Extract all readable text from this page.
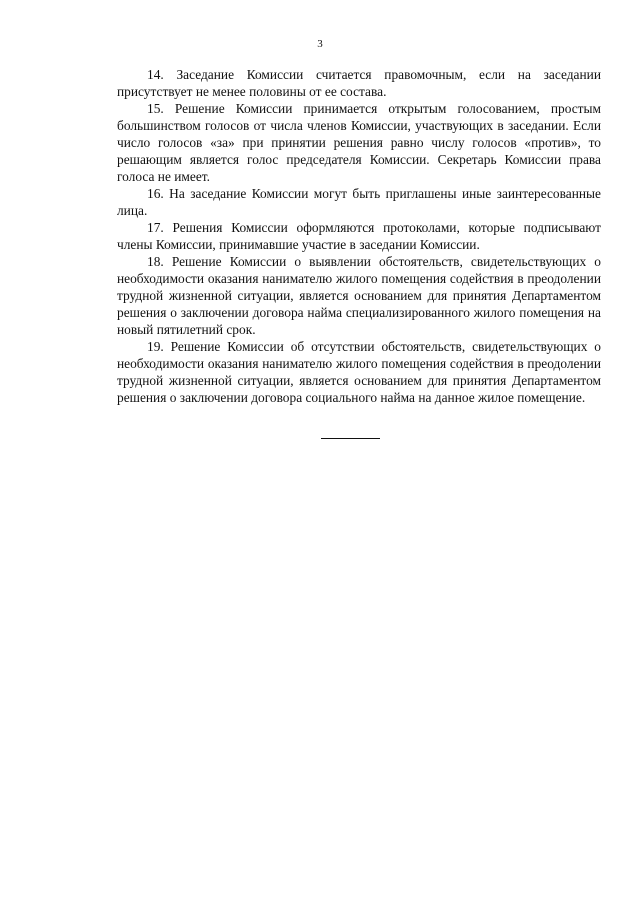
3

14. Заседание Комиссии считается правомочным, если на заседании присутствует не менее половины от ее состава.

15. Решение Комиссии принимается открытым голосованием, простым большинством голосов от числа членов Комиссии, участвующих в заседании. Если число голосов «за» при принятии решения равно числу голосов «против», то решающим является голос председателя Комиссии. Секретарь Комиссии права голоса не имеет.

16. На заседание Комиссии могут быть приглашены иные заинтересованные лица.

17. Решения Комиссии оформляются протоколами, которые подписывают члены Комиссии, принимавшие участие в заседании Комиссии.

18. Решение Комиссии о выявлении обстоятельств, свидетельствующих о необходимости оказания нанимателю жилого помещения содействия в преодолении трудной жизненной ситуации, является основанием для принятия Департаментом решения о заключении договора найма специализированного жилого помещения на новый пятилетний срок.

19. Решение Комиссии об отсутствии обстоятельств, свидетельствующих о необходимости оказания нанимателю жилого помещения содействия в преодолении трудной жизненной ситуации, является основанием для принятия Департаментом решения о заключении договора социального найма на данное жилое помещение.
